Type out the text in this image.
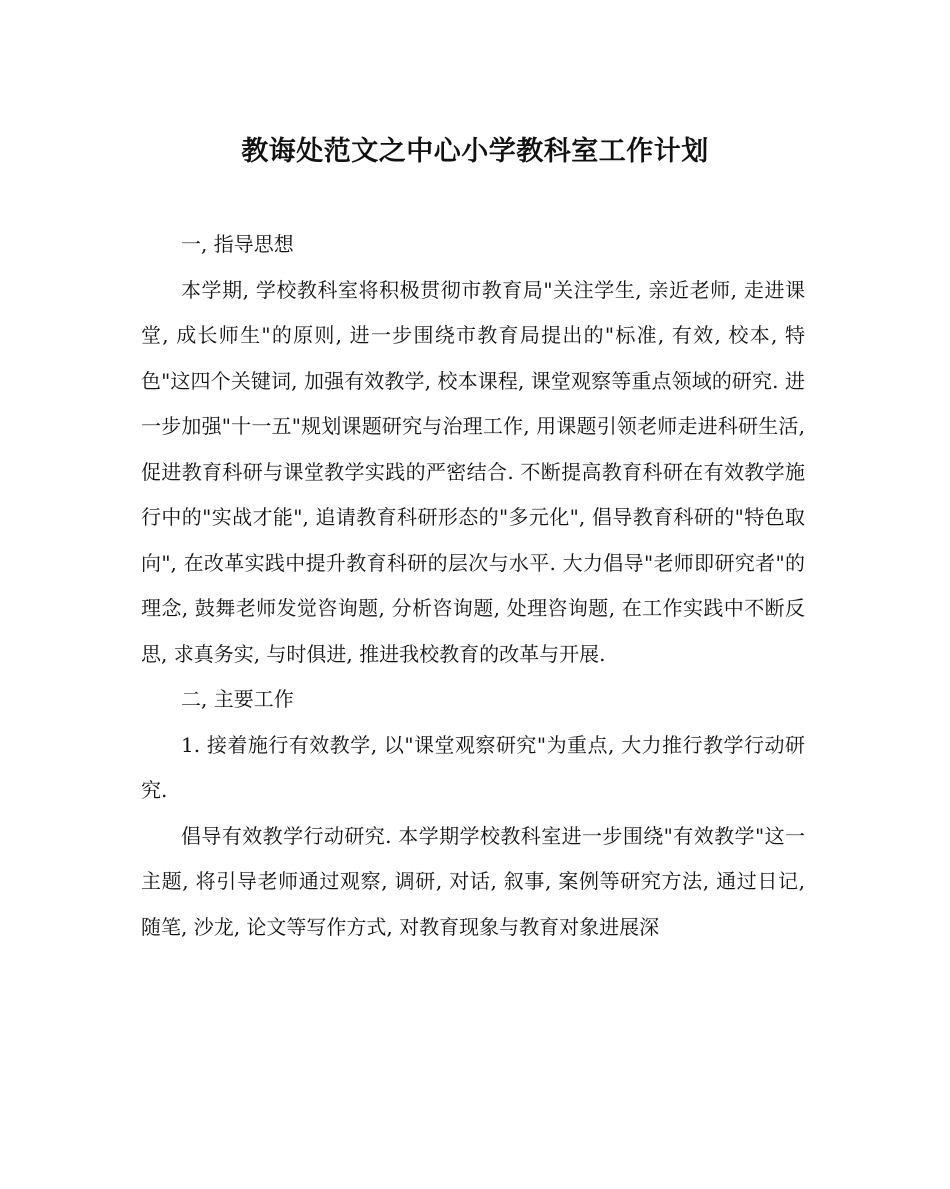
教诲处范文之中心小学教科室工作计划

一, 指导思想

本学期, 学校教科室将积极贯彻市教育局"关注学生, 亲近老师, 走进课堂, 成长师生"的原则, 进一步围绕市教育局提出的"标准, 有效, 校本, 特色"这四个关键词, 加强有效教学, 校本课程, 课堂观察等重点领域的研究. 进一步加强"十一五"规划课题研究与治理工作, 用课题引领老师走进科研生活, 促进教育科研与课堂教学实践的严密结合. 不断提高教育科研在有效教学施行中的"实战才能", 追请教育科研形态的"多元化", 倡导教育科研的"特色取向", 在改革实践中提升教育科研的层次与水平. 大力倡导"老师即研究者"的理念, 鼓舞老师发觉咨询题, 分析咨询题, 处理咨询题, 在工作实践中不断反思, 求真务实, 与时俱进, 推进我校教育的改革与开展.

二, 主要工作

1. 接着施行有效教学, 以"课堂观察研究"为重点, 大力推行教学行动研究.

倡导有效教学行动研究. 本学期学校教科室进一步围绕"有效教学"这一主题, 将引导老师通过观察, 调研, 对话, 叙事, 案例等研究方法, 通过日记, 随笔, 沙龙, 论文等写作方式, 对教育现象与教育对象进展深
